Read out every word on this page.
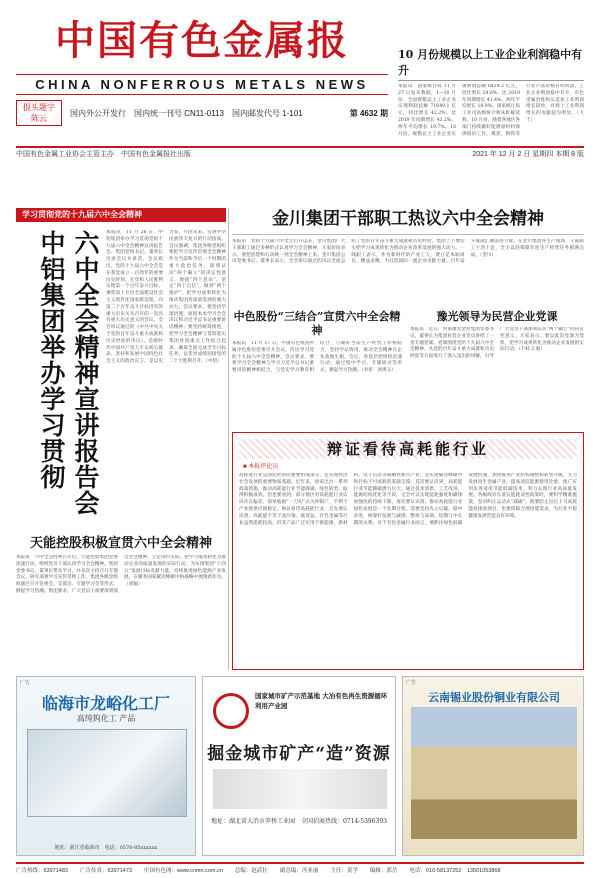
中国有色金属报
CHINA NONFERROUS METALS NEWS
报头题字 陈云
国内外公开发行　国内统一刊号 CN11-0113　国内邮发代号 1-101	第 4632 期
10 月份规模以上工业企业利润稳中有升
本报讯　国家统计局 11 月 27 日发布数据，1—10 月份，全国规模以上工业企业实现利润总额 71649.1 亿元，同比增长 42.2%，比 2019 年同期增长 43.2%，两年平均增长 19.7%。10 月份，规模以上工业企业实现利润总额 8424.2 亿元，同比增长 24.6%，比 2019 年同期增长 41.4%，两年平均增长 18.9%。国家统计局工业司高级统计师朱虹解读称，10 月份，随着各地区各部门持续做好能源原材料保供稳价工作，煤炭、钢铁等行业产品价格有所回落，工业企业利润稳中有升。有色金属冶炼和压延加工业利润增长较快，对规上工业利润增长的贡献较为明显。（大于）
中国有色金属工业协会主管主办　中国有色金属报社出版	2021 年 12 月 2 日 星期四 本期 8 版
学习贯彻党的十九届六中全会精神
六中全会精神宣讲报告会中铝集团举办学习贯彻	本报讯　11 月 26 日，中铝集团举办学习贯彻党的十九届六中全会精神宣讲报告会。集团党组书记、董事长出席会议并讲话。会议指出，党的十九届六中全会是在我党成立一百周年的重要历史时刻、在党和人民胜利实现第一个百年奋斗目标、乘势而上开启全面建设社会主义现代化国家新征程、向第二个百年奋斗目标进军的重大历史关头召开的一次具有重大历史意义的会议。全会审议通过的《中共中央关于党的百年奋斗重大成就和历史经验的决议》，是新时代中国共产党人牢记初心使命、坚持和发展中国特色社会主义的政治宣言，是以史为鉴、开创未来、实现中华民族伟大复兴的行动指南。会议强调，集团各级党组织要把学习宣传贯彻全会精神作为当前和今后一个时期的重大政治任务，深刻认识“两个确立”的决定性意义，增强“四个意识”、坚定“四个自信”、做到“两个维护”，把学习成果转化为推动集团高质量发展的强大动力。会议要求，要坚持学深悟透，原原本本学习全会决议和习近平总书记重要讲话精神；要坚持统筹推进，把学习全会精神与贯彻落实集团各项重点工作结合起来，确保全面完成全年目标任务，以优异成绩迎接党的二十大胜利召开。（中铝）
天能控股积极宣贯六中全会精神
本报讯　六中全会胜利召开后，天能控股集团党委迅速行动，组织党员干部认真学习全会精神。集团党委书记、董事长带头学习，并多次主持召开专题会议，研究部署学习宣传贯彻工作。集团各级党组织通过召开党委会、支部会、专题学习会等形式，掀起学习热潮。集团要求，广大党员干部要深刻领会全会精神，立足岗位实际，把学习成果转化为推动企业高质量发展的实际行动，为实现集团“十四五”发展目标贡献力量，持续推进绿色能源产业发展，在服务国家碳达峰碳中和战略中展现新作为。（刘颖）
金川集团干部职工热议六中全会精神
本报讯　党的十九届六中全会召开以来，金川集团广大干部职工通过多种形式认真学习全会精神，大家纷纷表示，要把思想和行动统一到全会精神上来。金川集团公司党委书记、董事长表示，全会审议通过的决议全面总结了党的百年奋斗重大成就和历史经验，集团上下要切实把学习成果转化为推动企业改革发展的强大动力。一线职工表示，作为新时代的产业工人，要立足本职岗位，精益求精，为打造国际一流企业贡献力量。百年奋斗成就汇聚前进力量，在金川集团各生产现场，干部职工干劲十足，全力以赴保障年度生产经营任务圆满完成。（金川）
中色股份“三结合”宣贯六中全会精神
本报讯　11 月 17 日，中国有色集团所属中色股份党委召开会议，传达学习党的十九届六中全会精神。会议要求，要将学习全会精神与学习习近平总书记重要讲话精神相结合，与党史学习教育相结合，与做好当前生产经营工作相结合，坚持学以致用，推动全会精神在企业落地生根。会后，各基层党组织迅速行动，通过集中学习、专题研讨等形式，掀起学习热潮。（李彤　刘禹义）
豫光领导为民营企业党课
本报讯　近日，河南豫光金铅集团党委书记、董事长为集团民营企业党员讲授了一堂专题党课。党课围绕党的十九届六中全会精神，从党的百年奋斗重大成就和历史经验等方面进行了深入浅出的讲解，引导广大党员干部深刻认识“两个确立”的决定性意义。大家表示，要以此次党课为契机，把学习成果转化为推动企业发展的实际行动。（下转 2 版）
辩证看待高耗能行业
■ 本报评论员
高耗能行业是国民经济的重要组成部分，是实现经济社会发展的重要物质基础。近年来，国家出台一系列政策措施，推动高耗能行业节能降碳、绿色转型，取得积极成效。但也要看到，部分地区对高耗能行业认识存在偏差，简单地搞“一刀切”式关停限产，不利于产业链供应链稳定。辩证看待高耗能行业，首先要认识到，高耗能不等于高污染、低效益。有色金属等行业虽然能耗较高，但其产品广泛应用于新能源、新材料、电子信息等战略性新兴产业，是实现碳达峰碳中和目标不可或缺的基础支撑。其次要认识到，高耗能行业节能降碳潜力巨大。通过技术创新、工艺改进、能源结构优化等手段，完全可以实现能耗强度和碳排放强度的持续下降。再次要认识到，推动高耗能行业绿色发展是一个长期过程，需要坚持先立后破、稳中求进，统筹好发展与减排、整体与局部、短期与中长期的关系。对于有色金属行业而言，要抓住绿色低碳发展机遇，加快推进产业结构调整和转型升级，大力发展再生金属产业，提高清洁能源使用比重，推广应用先进适用节能低碳技术，努力实现行业高质量发展。各级政府在落实能耗双控政策时，要科学精准施策，坚决纠正运动式“减碳”，既要防止盲目上马高耗能高排放项目，也要保障合理用能需求，为行业平稳健康发展营造良好环境。
广告
临海市龙峪化工厂
高纯钨化工 产品
地址：浙江省临海市　电话：0576-85xxxxxx
国家城市矿产示范基地 大冶有色再生资源循环利用产业园
掘金城市矿产“造”资源
地址：湖北省大冶市罗桥工业园　全国招商热线：0714-5396393
广告
云南锡业股份铜业有限公司
广告热线：63971483 广告传真：63971473 中国有色网：www.cnmn.com.cn 总编：赵武壮 副总编：冯亚丽 主任：黄学 编辑：郭岳 电话：010-58137252　13501053868
